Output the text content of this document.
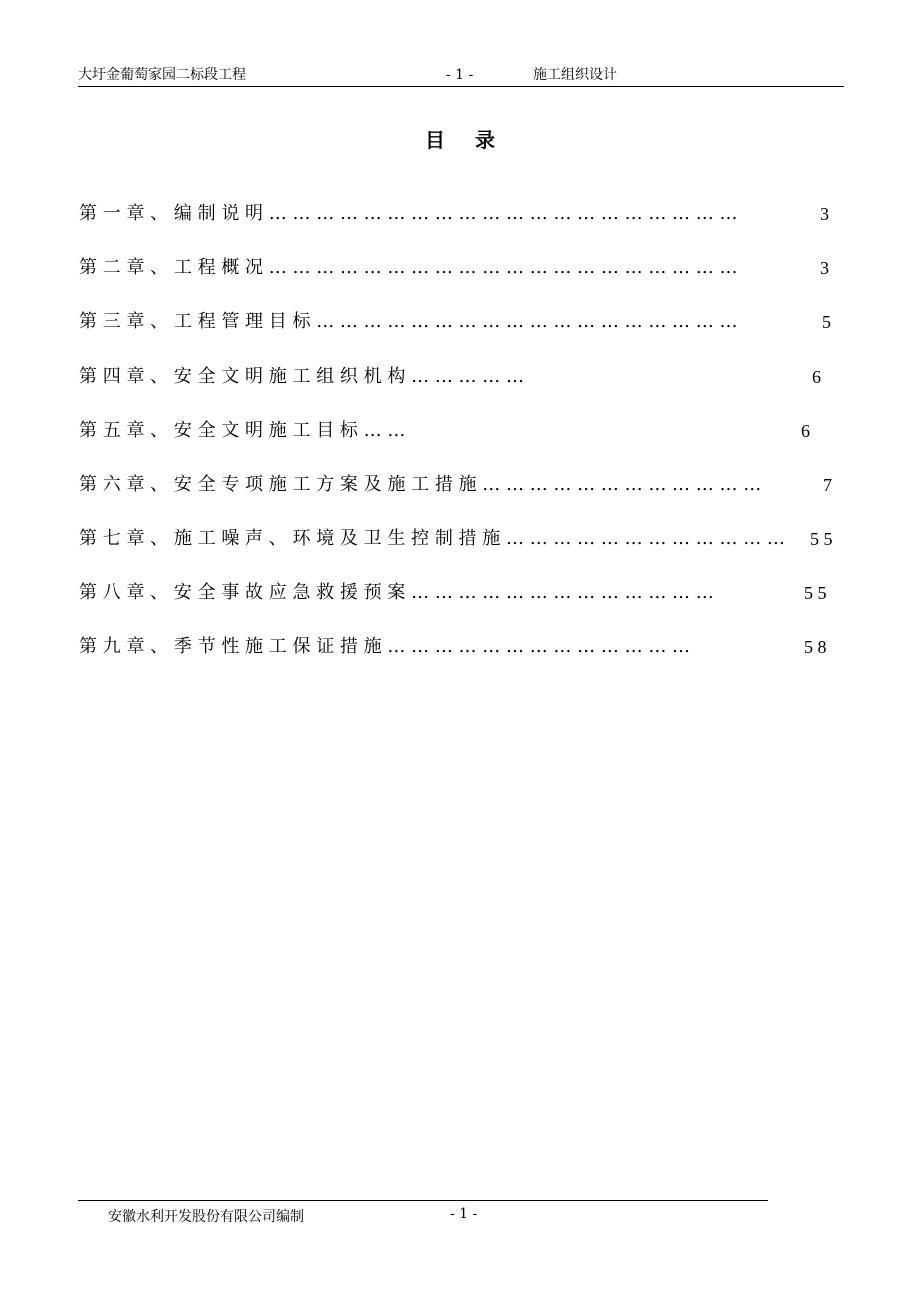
大圩金葡萄家园二标段工程	- 1 -	施工组织设计
目录
第 一 章 、 编 制 说 明 … … … … … … … … … … … … … … … … … … … …	3
第 二 章 、 工 程 概 况 … … … … … … … … … … … … … … … … … … … …	3
第 三 章 、 工 程 管 理 目 标 … … … … … … … … … … … … … … … … … …	5
第 四 章 、 安 全 文 明 施 工 组 织 机 构 … … … … …	6
第 五 章 、 安 全 文 明 施 工 目 标 … …	6
第 六 章 、 安 全 专 项 施 工 方 案 及 施 工 措 施 … … … … … … … … … … … …	7
第 七 章 、 施 工 噪 声 、 环 境 及 卫 生 控 制 措 施 … … … … … … … … … … … … 5 5
第 八 章 、 安 全 事 故 应 急 救 援 预 案 … … … … … … … … … … … … …	5 5
第 九 章 、 季 节 性 施 工 保 证 措 施 … … … … … … … … … … … … …	5 8
安徽水利开发股份有限公司编制	- 1 -
